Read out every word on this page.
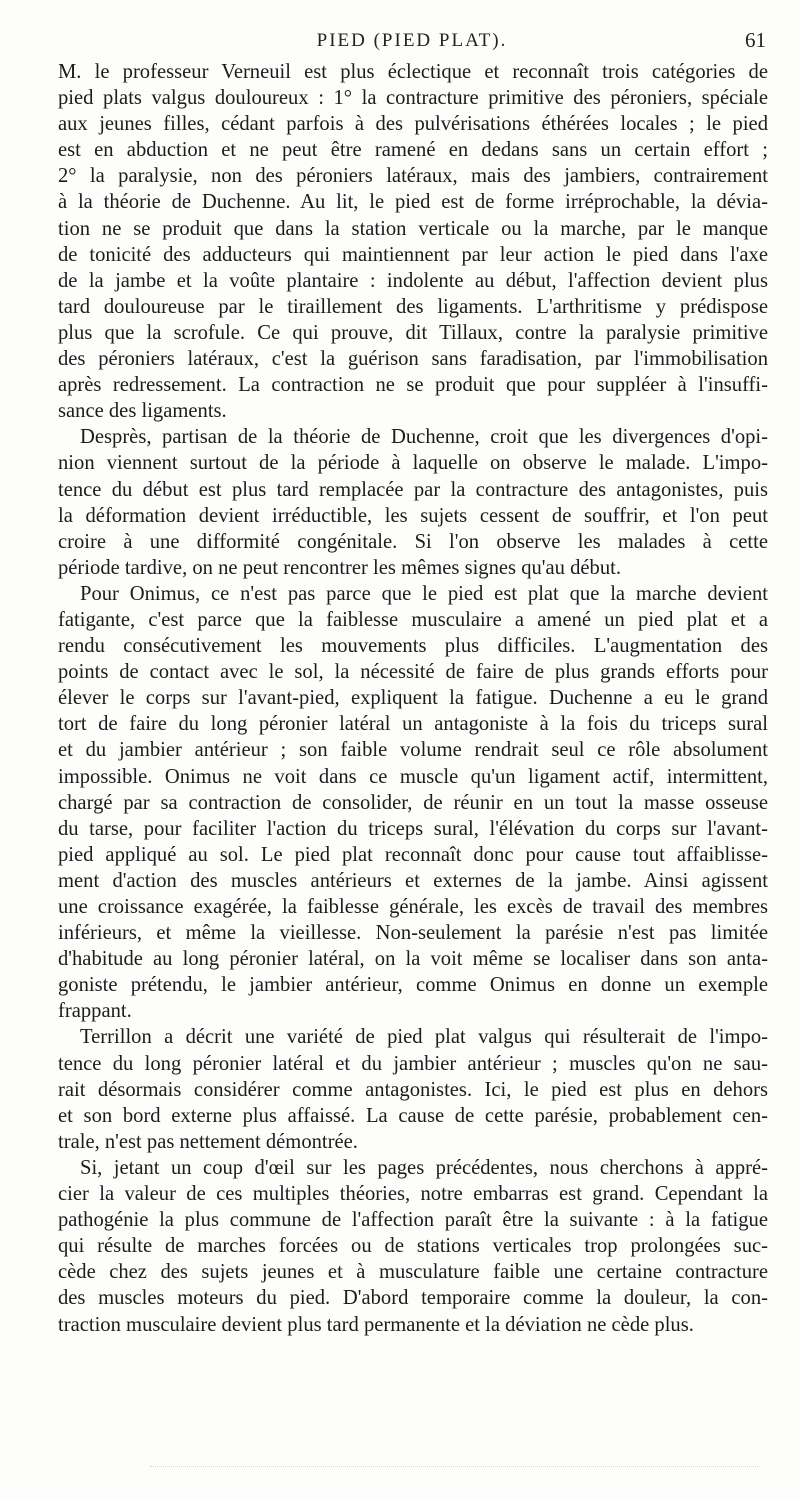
PIED (PIED PLAT).	61
M. le professeur Verneuil est plus éclectique et reconnaît trois catégories de
pied plats valgus douloureux : 1° la contracture primitive des péroniers, spéciale
aux jeunes filles, cédant parfois à des pulvérisations éthérées locales ; le pied
est en abduction et ne peut être ramené en dedans sans un certain effort ;
2° la paralysie, non des péroniers latéraux, mais des jambiers, contrairement
à la théorie de Duchenne. Au lit, le pied est de forme irréprochable, la dévia-
tion ne se produit que dans la station verticale ou la marche, par le manque
de tonicité des adducteurs qui maintiennent par leur action le pied dans l'axe
de la jambe et la voûte plantaire : indolente au début, l'affection devient plus
tard douloureuse par le tiraillement des ligaments. L'arthritisme y prédispose
plus que la scrofule. Ce qui prouve, dit Tillaux, contre la paralysie primitive
des péroniers latéraux, c'est la guérison sans faradisation, par l'immobilisation
après redressement. La contraction ne se produit que pour suppléer à l'insuffi-
sance des ligaments.
Desprès, partisan de la théorie de Duchenne, croit que les divergences d'opi-
nion viennent surtout de la période à laquelle on observe le malade. L'impo-
tence du début est plus tard remplacée par la contracture des antagonistes, puis
la déformation devient irréductible, les sujets cessent de souffrir, et l'on peut
croire à une difformité congénitale. Si l'on observe les malades à cette
période tardive, on ne peut rencontrer les mêmes signes qu'au début.
Pour Onimus, ce n'est pas parce que le pied est plat que la marche devient
fatigante, c'est parce que la faiblesse musculaire a amené un pied plat et a
rendu consécutivement les mouvements plus difficiles. L'augmentation des
points de contact avec le sol, la nécessité de faire de plus grands efforts pour
élever le corps sur l'avant-pied, expliquent la fatigue. Duchenne a eu le grand
tort de faire du long péronier latéral un antagoniste à la fois du triceps sural
et du jambier antérieur ; son faible volume rendrait seul ce rôle absolument
impossible. Onimus ne voit dans ce muscle qu'un ligament actif, intermittent,
chargé par sa contraction de consolider, de réunir en un tout la masse osseuse
du tarse, pour faciliter l'action du triceps sural, l'élévation du corps sur l'avant-
pied appliqué au sol. Le pied plat reconnaît donc pour cause tout affaiblisse-
ment d'action des muscles antérieurs et externes de la jambe. Ainsi agissent
une croissance exagérée, la faiblesse générale, les excès de travail des membres
inférieurs, et même la vieillesse. Non-seulement la parésie n'est pas limitée
d'habitude au long péronier latéral, on la voit même se localiser dans son anta-
goniste prétendu, le jambier antérieur, comme Onimus en donne un exemple
frappant.
Terrillon a décrit une variété de pied plat valgus qui résulterait de l'impo-
tence du long péronier latéral et du jambier antérieur ; muscles qu'on ne sau-
rait désormais considérer comme antagonistes. Ici, le pied est plus en dehors
et son bord externe plus affaissé. La cause de cette parésie, probablement cen-
trale, n'est pas nettement démontrée.
Si, jetant un coup d'œil sur les pages précédentes, nous cherchons à appré-
cier la valeur de ces multiples théories, notre embarras est grand. Cependant la
pathogénie la plus commune de l'affection paraît être la suivante : à la fatigue
qui résulte de marches forcées ou de stations verticales trop prolongées suc-
cède chez des sujets jeunes et à musculature faible une certaine contracture
des muscles moteurs du pied. D'abord temporaire comme la douleur, la con-
traction musculaire devient plus tard permanente et la déviation ne cède plus.
